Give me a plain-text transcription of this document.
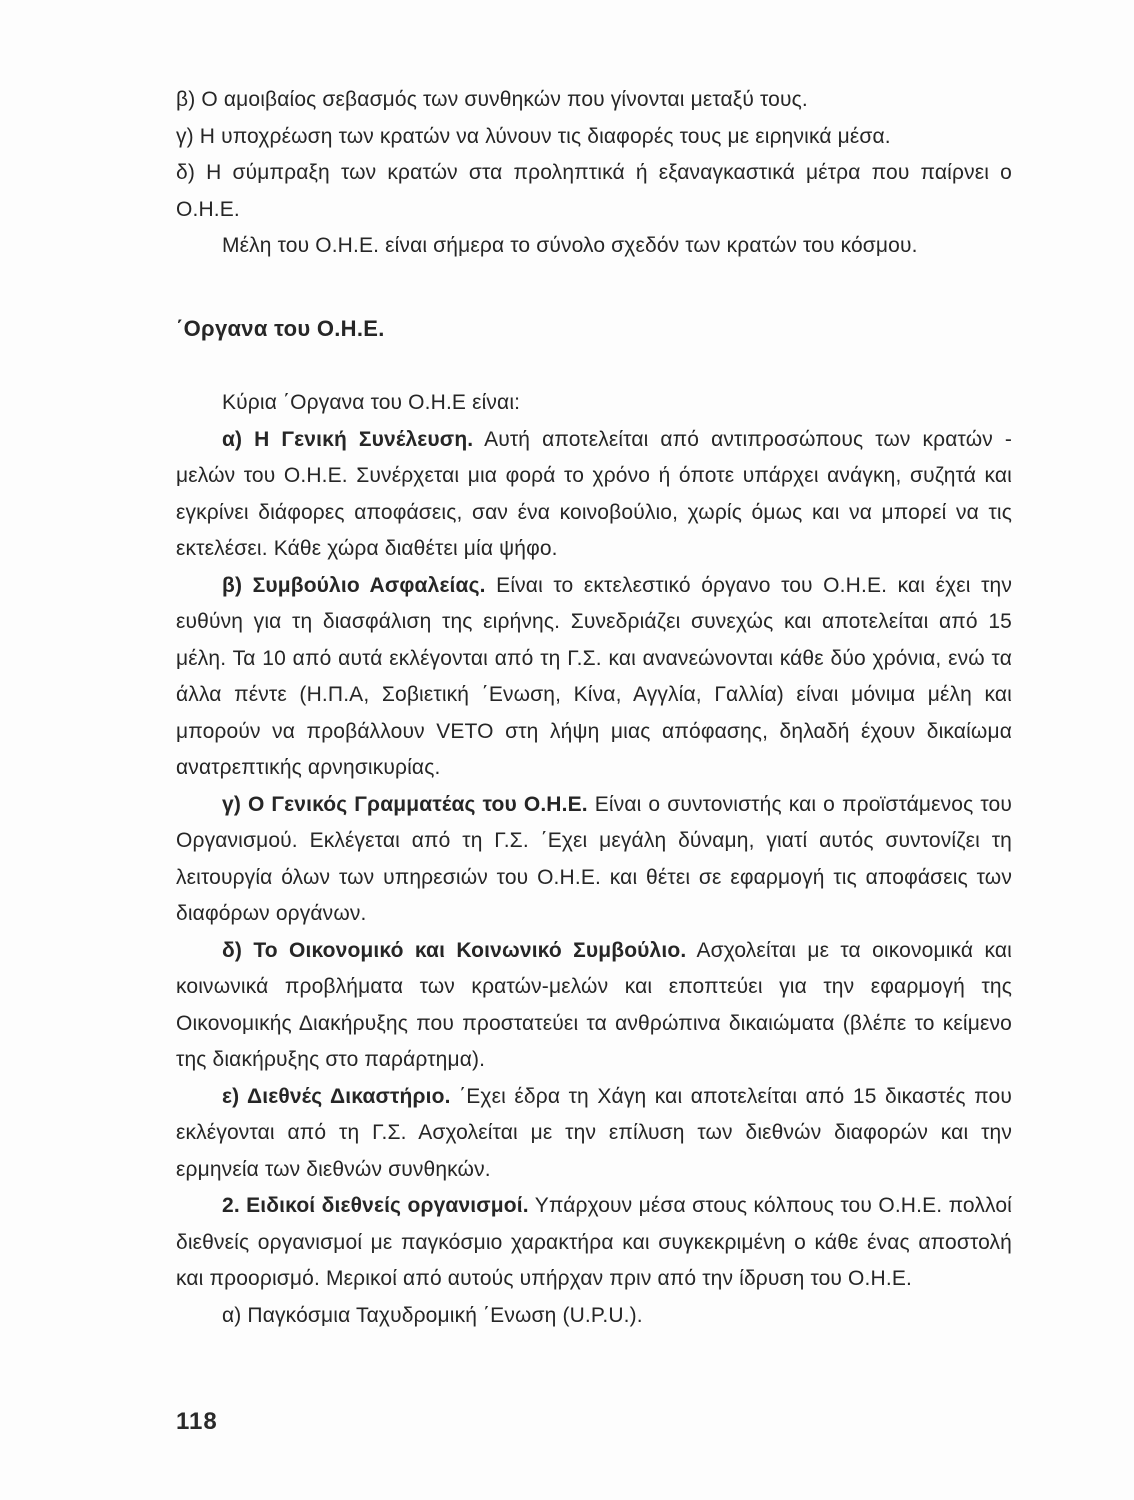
β) Ο αμοιβαίος σεβασμός των συνθηκών που γίνονται μεταξύ τους.

γ) Η υποχρέωση των κρατών να λύνουν τις διαφορές τους με ειρηνικά μέσα.

δ) Η σύμπραξη των κρατών στα προληπτικά ή εξαναγκαστικά μέτρα που παίρνει ο Ο.Η.Ε.

Μέλη του Ο.Η.Ε. είναι σήμερα το σύνολο σχεδόν των κρατών του κόσμου.

΄Οργανα του Ο.Η.Ε.

Κύρια ΄Οργανα του Ο.Η.Ε είναι:

α) Η Γενική Συνέλευση. Αυτή αποτελείται από αντιπροσώπους των κρατών - μελών του Ο.Η.Ε. Συνέρχεται μια φορά το χρόνο ή όποτε υπάρχει ανάγκη, συζητά και εγκρίνει διάφορες αποφάσεις, σαν ένα κοινοβούλιο, χωρίς όμως και να μπορεί να τις εκτελέσει. Κάθε χώρα διαθέτει μία ψήφο.

β) Συμβούλιο Ασφαλείας. Είναι το εκτελεστικό όργανο του Ο.Η.Ε. και έχει την ευθύνη για τη διασφάλιση της ειρήνης. Συνεδριάζει συνεχώς και αποτελείται από 15 μέλη. Τα 10 από αυτά εκλέγονται από τη Γ.Σ. και ανανεώνονται κάθε δύο χρόνια, ενώ τα άλλα πέντε (Η.Π.Α, Σοβιετική ΄Ενωση, Κίνα, Αγγλία, Γαλλία) είναι μόνιμα μέλη και μπορούν να προβάλλουν VETO στη λήψη μιας απόφασης, δηλαδή έχουν δικαίωμα ανατρεπτικής αρνησικυρίας.

γ) Ο Γενικός Γραμματέας του Ο.Η.Ε. Είναι ο συντονιστής και ο προϊστάμενος του Οργανισμού. Εκλέγεται από τη Γ.Σ. ΄Εχει μεγάλη δύναμη, γιατί αυτός συντονίζει τη λειτουργία όλων των υπηρεσιών του Ο.Η.Ε. και θέτει σε εφαρμογή τις αποφάσεις των διαφόρων οργάνων.

δ) Το Οικονομικό και Κοινωνικό Συμβούλιο. Ασχολείται με τα οικονομικά και κοινωνικά προβλήματα των κρατών-μελών και εποπτεύει για την εφαρμογή της Οικονομικής Διακήρυξης που προστατεύει τα ανθρώπινα δικαιώματα (βλέπε το κείμενο της διακήρυξης στο παράρτημα).

ε) Διεθνές Δικαστήριο. ΄Εχει έδρα τη Χάγη και αποτελείται από 15 δικαστές που εκλέγονται από τη Γ.Σ. Ασχολείται με την επίλυση των διεθνών διαφορών και την ερμηνεία των διεθνών συνθηκών.

2. Ειδικοί διεθνείς οργανισμοί. Υπάρχουν μέσα στους κόλπους του Ο.Η.Ε. πολλοί διεθνείς οργανισμοί με παγκόσμιο χαρακτήρα και συγκεκριμένη ο κάθε ένας αποστολή και προορισμό. Μερικοί από αυτούς υπήρχαν πριν από την ίδρυση του Ο.Η.Ε.

α) Παγκόσμια Ταχυδρομική ΄Ενωση (U.P.U.).

118
